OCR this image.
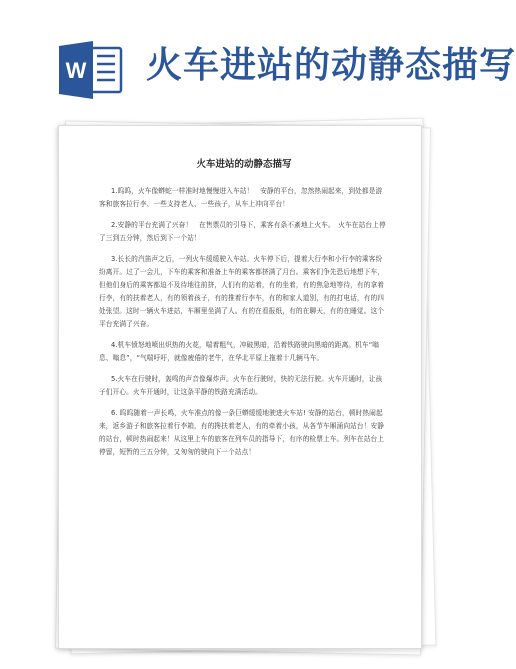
W 火车进站的动静态描写
火车进站的动静态描写

1.呜呜，火车像蟒蛇一样准时地慢慢进入车站！　安静的平台，忽然热闹起来，到处都是游客和旅客拉行李、一些支持老人、一些孩子，从车上冲向平台！

2.安静的平台充满了兴奋！　在售票员的引导下，乘客有条不紊地上火车。　火车在站台上停了三到五分钟，然后到下一个站！

3.长长的汽笛声之后，一列火车缓缓驶入车站。火车停下后，提着大行李和小行李的乘客纷纷离开。过了一会儿，下车的乘客和准备上车的乘客都挤满了月台。乘客们争先恐后地想下车，但他们身后的乘客都迫不及待地往前挤，人们有的站着，有的坐着，有的焦急地等待，有的拿着行李，有的扶着老人，有的领着孩子，有的推着行李车，有的和家人道别，有的打电话，有的四处张望。这时一辆火车进站，车厢里坐满了人。有的在看报纸，有的在聊天，有的在睡觉。这个平台充满了兴奋。

4.机车愤怒地喷出炽热的火花，喘着粗气，冲破黑暗，沿着铁路驶向黑暗的距离。机车“嗡息、嗡息”，“气喘吁吁，就像疲倦的老牛，在华北平原上拖着十几辆马车。

5.火车在行驶时，轰鸣的声音像爆炸声。火车在行驶时，快的无法行驶。火车开通时，让孩子们开心。火车开通时，让这条平静的铁路充满活动。

6. 呜呜随着一声长鸣，火车准点的像一条巨蟒缓缓地驶进火车站! 安静的站台，顿时热闹起来，返乡游子和旅客拉着行李箱，有的搀扶着老人，有的牵着小孩，从各节车厢涌向站台！安静的站台，顿时热闹起来！从这里上车的旅客在列车员的指导下，有序的检票上车。列车在站台上停留，短暂的三五分钟，又匆匆的驶向下一个站点！
